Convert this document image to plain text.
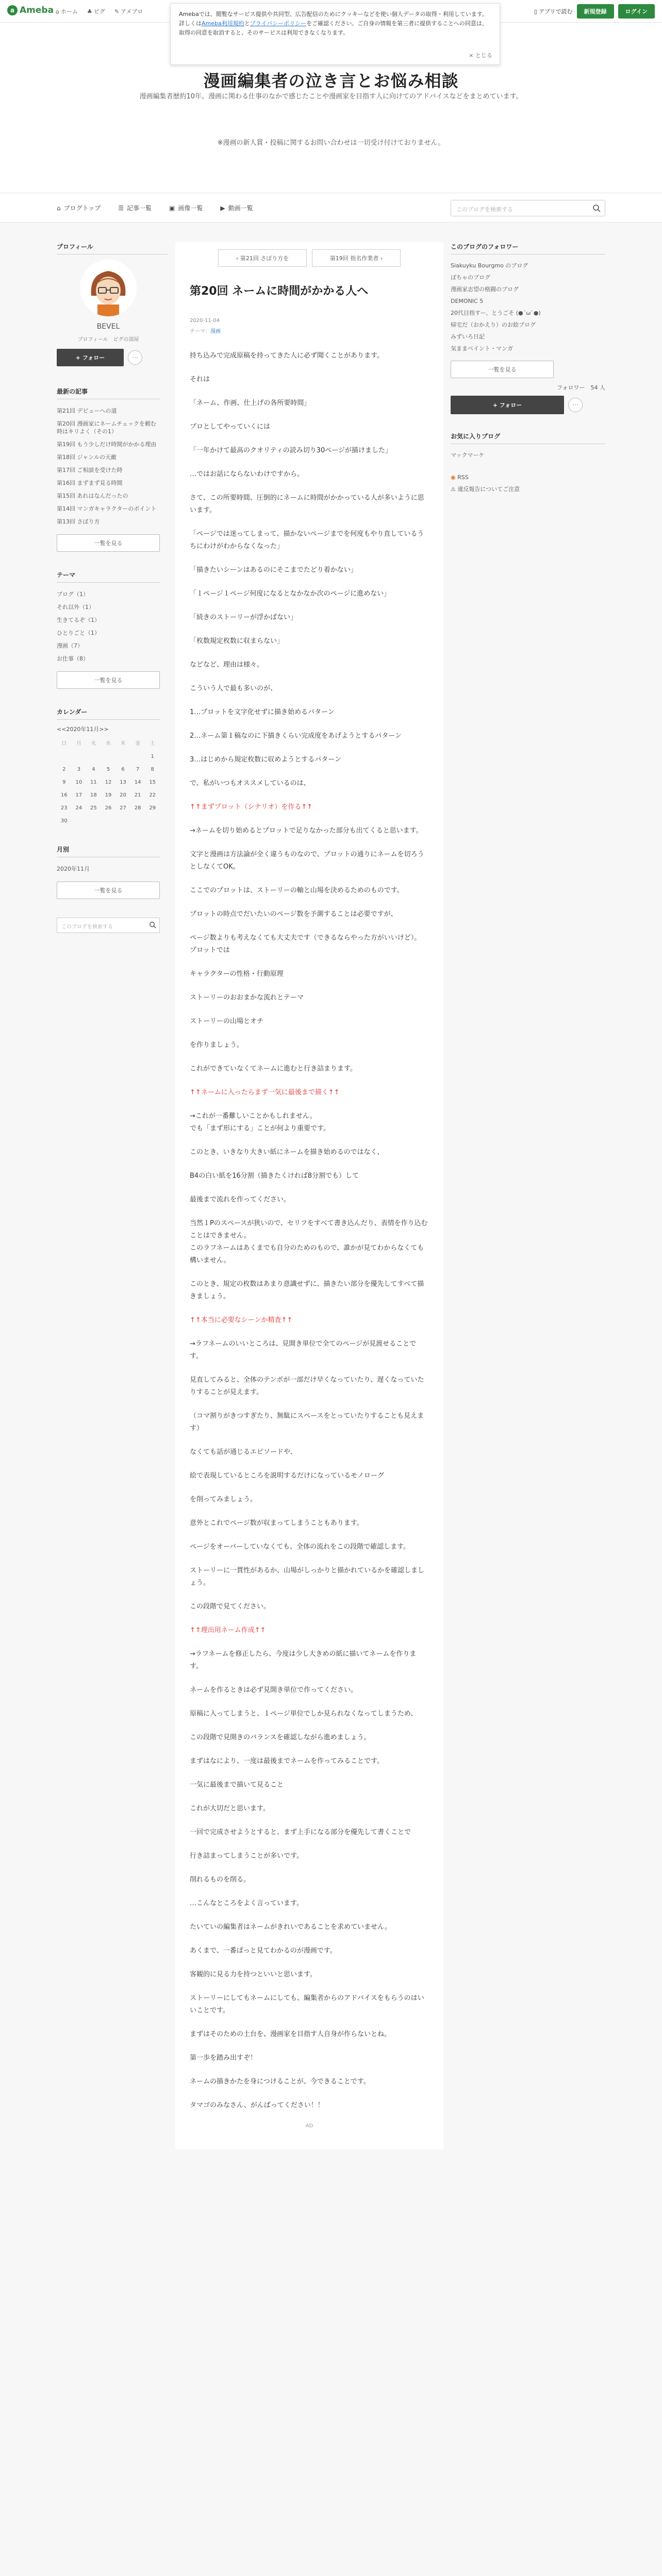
a Ameba ⌂ ホーム ♣ ピグ ✎ アメブロ	▯ アプリで読む	新規登録	ログイン
Amebaでは、閲覧なサービス提供や共同型、広告配信のためにクッキーなどを使い個人データの取得・利用しています。詳しくはAmeba利用規約とプライバシーポリシーをご確認ください。ご自身の情報を第三者に提供することへの同意は、取得の同意を取消すると、そのサービスは利用できなくなります。
× とじる
漫画編集者の泣き言とお悩み相談
漫画編集者歴約10年。漫画に関わる仕事のなかで感じたことや漫画家を目指す人に向けてのアドバイスなどをまとめています。
※漫画の新人賞・投稿に関するお問い合わせは一切受け付けておりません。
⌂ ブログトップ	☰ 記事一覧	▣ 画像一覧	▶ 動画一覧	このブログを検索する
プロフィール
BEVEL
プロフィール　ピグの部屋
+ フォロー	⋯
最新の記事
第21回 デビューへの道
第20回 漫画家にネームチェックを頼む時はキリよく（その1）
第19回 もう少しだけ時間がかかる理由
第18回 ジャンルの天敵
第17回 ご相談を受けた時
第16回 まずまず見る時間
第15回 あれはなんだったの
第14回 マンガキャラクターのポイント
第13回 さぼり方
一覧を見る
テーマ
ブログ（1）
それ以外（1）
生きてるぞ（1）
ひとりごと（1）
漫画（7）
お仕事（8）
一覧を見る
カレンダー
<<2020年11月>>
日	月	火	水	木	金	土
						1
2	3	4	5	6	7	8
9	10	11	12	13	14	15
16	17	18	19	20	21	22
23	24	25	26	27	28	29
30						
月別
2020年11月
一覧を見る
このブログを検索する
‹ 第21回 さぼり方を	第19回 指名作業者 ›
第20回 ネームに時間がかかる人へ
2020-11-04
テーマ：漫画

持ち込みで完成原稿を持ってきた人に必ず聞くことがあります。

それは

「ネーム、作画、仕上げの各所要時間」

プロとしてやっていくには

「一年かけて最高のクオリティの読み切り30ページが描けました」

…ではお話にならないわけですから。

さて、この所要時間、圧倒的にネームに時間がかかっている人が多いように思います。

「ページでは迷ってしまって、描かないページまでを何度もやり直しているうちにわけがわからなくなった」

「描きたいシーンはあるのにそこまでたどり着かない」

「１ページ１ページ何度になるとなかなか次のページに進めない」

「続きのストーリーが浮かばない」

「枚数規定枚数に収まらない」

などなど、理由は様々。

こういう人で最も多いのが、

1…プロットを文字化せずに描き始めるパターン

2…ネーム第１稿なのに下描きくらい完成度をあげようとするパターン

3…はじめから規定枚数に収めようとするパターン

で、私がいつもオススメしているのは、

↑↑まずプロット（シナリオ）を作る↑↑

→ネームを切り始めるとプロットで足りなかった部分も出てくると思います。

文字と漫画は方法論が全く違うものなので、プロットの通りにネームを切ろうとしなくてOK。

ここでのプロットは、ストーリーの軸と山場を決めるためのものです。

プロットの時点でだいたいのページ数を予測することは必要ですが、

ページ数よりも考えなくても大丈夫です（できるならやった方がいいけど）。
プロットでは

キャラクターの性格・行動原理

ストーリーのおおまかな流れとテーマ

ストーリーの山場とオチ

を作りましょう。

これができていなくてネームに進むと行き詰まります。

↑↑ネームに入ったらまず一気に最後まで描く↑↑

→これが一番難しいことかもしれません。
でも「まず形にする」ことが何より重要です。

このとき、いきなり大きい紙にネームを描き始めるのではなく、

B4の白い紙を16分割（描きたくければ8分割でも）して

最後まで流れを作ってください。

当然１Pのスペースが狭いので、セリフをすべて書き込んだり、表情を作り込むことはできません。
このラフネームはあくまでも自分のためのもので、誰かが見てわからなくても構いません。

このとき、規定の枚数はあまり意識せずに、描きたい部分を優先してすべて描きましょう。

↑↑本当に必要なシーンか精査↑↑

→ラフネームのいいところは、見開き単位で全てのページが見渡せることです。

見直してみると、全体のテンポが一部だけ早くなっていたり、遅くなっていたりすることが見えます。

（コマ割りがきつすぎたり、無駄にスペースをとっていたりすることも見えます）

なくても話が通じるエピソードや、

絵で表現しているところを説明するだけになっているモノローグ

を削ってみましょう。

意外とこれでページ数が収まってしまうこともあります。

ページをオーバーしていなくても、全体の流れをこの段階で確認します。

ストーリーに一貫性があるか、山場がしっかりと描かれているかを確認しましょう。

この段階で見てください。

↑↑理出用ネーム作成↑↑

→ラフネームを修正したら、今度は少し大きめの紙に描いてネームを作ります。

ネームを作るときは必ず見開き単位で作ってください。

原稿に入ってしまうと、１ページ単位でしか見られなくなってしまうため、

この段階で見開きのバランスを確認しながら進めましょう。

まずはなにより、一度は最後までネームを作ってみることです。

一気に最後まで描いて見ること

これが大切だと思います。

一回で完成させようとすると、まず上手になる部分を優先して書くことで

行き詰まってしまうことが多いです。

削れるものを削る。

…こんなところをよく言っています。

たいていの編集者はネームがきれいであることを求めていません。

あくまで、一番ぱっと見てわかるのが漫画です。

客観的に見る力を持つといいと思います。

ストーリーにしてもネームにしても、編集者からのアドバイスをもらうのはいいことです。

まずはそのための土台を、漫画家を目指す人自身が作らないとね。

第一歩を踏み出すぞ！

ネームの描きかたを身につけることが、今できることです。

タマゴのみなさん、がんばってください！！

AD
このブログのフォロワー
Siakuyku Bourgmo のブログ
ぼちゃのブログ
漫画家志望の格闘のブログ
DEMONIC 5
20代目指すー、とうごそ (●´ω`●)
帰宅だ（おかえり）のお絵ブログ
みずいろ日記
気ままペイント・マンガ
一覧を見る
フォロワー　54 人
+ フォロー	⋯
お気に入りブログ
マックマーケ
◉ RSS
⚠ 違反報告についてご注意
